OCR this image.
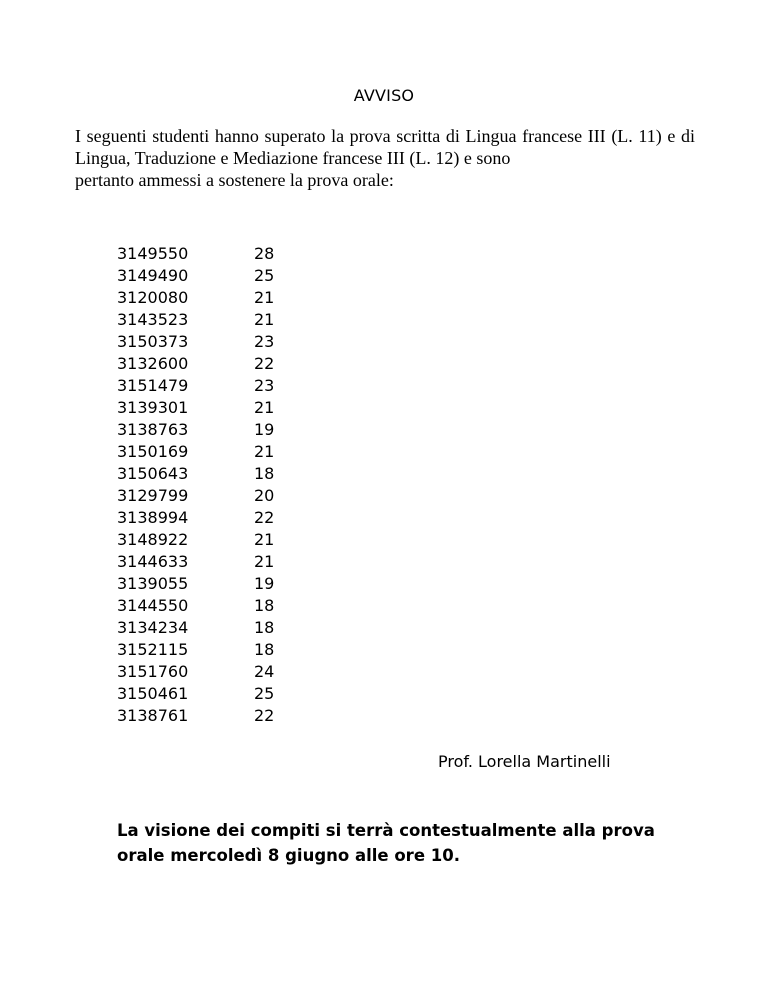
AVVISO
I seguenti studenti hanno superato la prova scritta di Lingua francese III (L. 11) e di Lingua, Traduzione e Mediazione francese III (L. 12) e sono
pertanto ammessi a sostenere la prova orale:
3149550	28
3149490	25
3120080	21
3143523	21
3150373	23
3132600	22
3151479	23
3139301	21
3138763	19
3150169	21
3150643	18
3129799	20
3138994	22
3148922	21
3144633	21
3139055	19
3144550	18
3134234	18
3152115	18
3151760	24
3150461	25
3138761	22
Prof. Lorella Martinelli
La visione dei compiti si terrà contestualmente alla prova
orale mercoledì 8 giugno alle ore 10.
